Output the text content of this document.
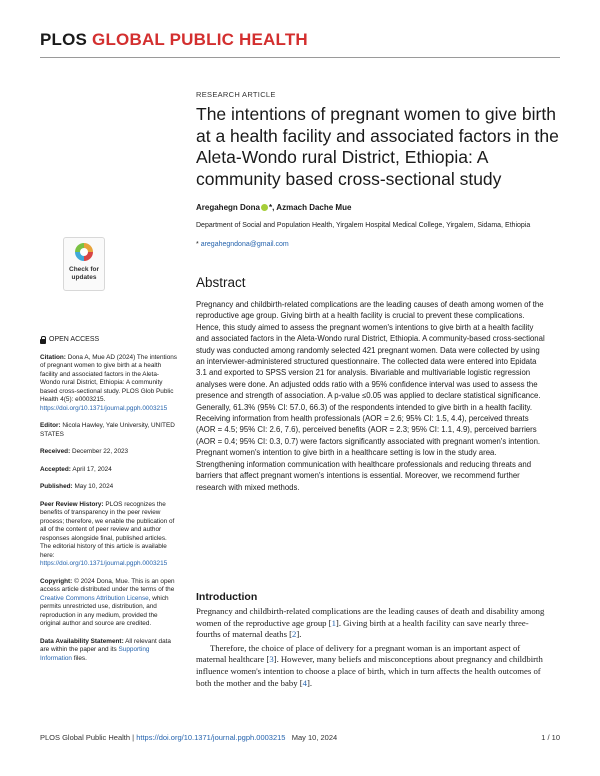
PLOS GLOBAL PUBLIC HEALTH
RESEARCH ARTICLE
The intentions of pregnant women to give birth at a health facility and associated factors in the Aleta-Wondo rural District, Ethiopia: A community based cross-sectional study
Aregahegn Dona *, Azmach Dache Mue
Department of Social and Population Health, Yirgalem Hospital Medical College, Yirgalem, Sidama, Ethiopia
* aregahegndona@gmail.com
Check for
updates
OPEN ACCESS
Citation: Dona A, Mue AD (2024) The intentions of pregnant women to give birth at a health facility and associated factors in the Aleta-Wondo rural District, Ethiopia: A community based cross-sectional study. PLOS Glob Public Health 4(5): e0003215. https://doi.org/10.1371/journal.pgph.0003215
Editor: Nicola Hawley, Yale University, UNITED STATES
Received: December 22, 2023
Accepted: April 17, 2024
Published: May 10, 2024
Peer Review History: PLOS recognizes the benefits of transparency in the peer review process; therefore, we enable the publication of all of the content of peer review and author responses alongside final, published articles. The editorial history of this article is available here: https://doi.org/10.1371/journal.pgph.0003215
Copyright: © 2024 Dona, Mue. This is an open access article distributed under the terms of the Creative Commons Attribution License, which permits unrestricted use, distribution, and reproduction in any medium, provided the original author and source are credited.
Data Availability Statement: All relevant data are within the paper and its Supporting Information files.
Abstract
Pregnancy and childbirth-related complications are the leading causes of death among women of the reproductive age group. Giving birth at a health facility is crucial to prevent these complications. Hence, this study aimed to assess the pregnant women's intentions to give birth at a health facility and associated factors in the Aleta-Wondo rural District, Ethiopia. A community-based cross-sectional study was conducted among randomly selected 421 pregnant women. Data were collected by using an interviewer-administered structured questionnaire. The collected data were entered into Epidata 3.1 and exported to SPSS version 21 for analysis. Bivariable and multivariable logistic regression analyses were done. An adjusted odds ratio with a 95% confidence interval was used to assess the presence and strength of association. A p-value ≤0.05 was applied to declare statistical significance. Generally, 61.3% (95% CI: 57.0, 66.3) of the respondents intended to give birth in a health facility. Receiving information from health professionals (AOR = 2.6; 95% CI: 1.5, 4.4), perceived threats (AOR = 4.5; 95% CI: 2.6, 7.6), perceived benefits (AOR = 2.3; 95% CI: 1.1, 4.9), perceived barriers (AOR = 0.4; 95% CI: 0.3, 0.7) were factors significantly associated with pregnant women's intention. Pregnant women's intention to give birth in a healthcare setting is low in the study area. Strengthening information communication with healthcare professionals and reducing threats and barriers that affect pregnant women's intentions is essential. Moreover, we recommend further research with mixed methods.
Introduction

Pregnancy and childbirth-related complications are the leading causes of death and disability among women of the reproductive age group [1]. Giving birth at a health facility can save nearly three-fourths of maternal deaths [2].

Therefore, the choice of place of delivery for a pregnant woman is an important aspect of maternal healthcare [3]. However, many beliefs and misconceptions about pregnancy and childbirth influence women's intention to choose a place of birth, which in turn affects the health outcomes of both the mother and the baby [4].

PLOS Global Public Health | https://doi.org/10.1371/journal.pgph.0003215 May 10, 2024	1 / 10
